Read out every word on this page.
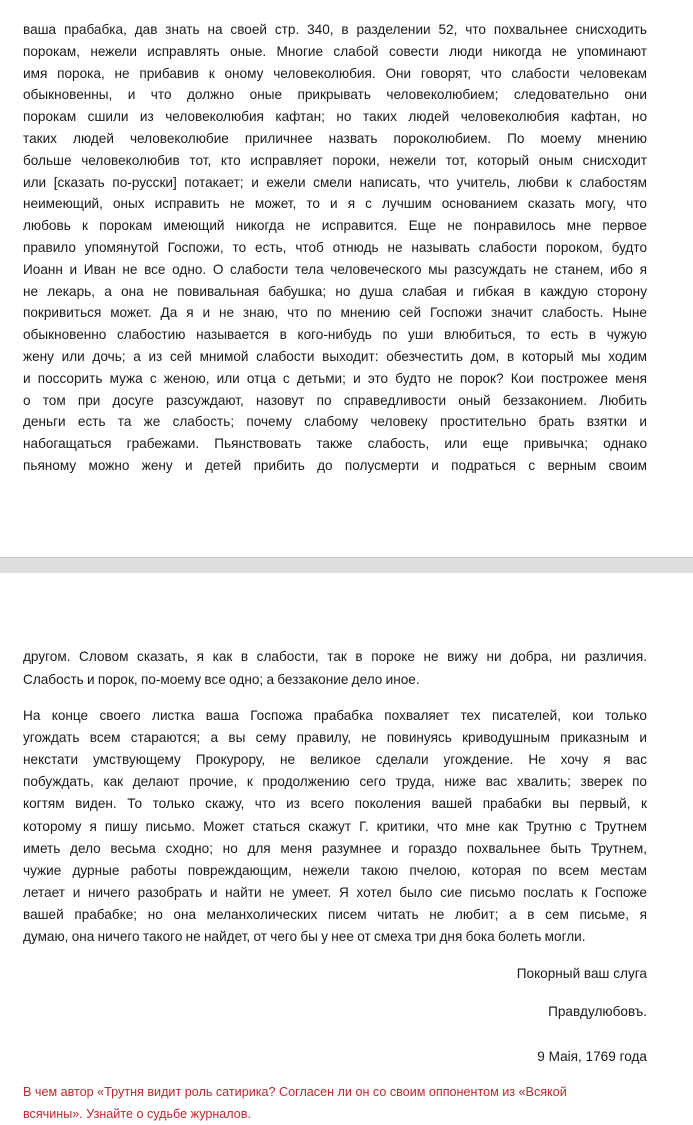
ваша прабабка, дав знать на своей стр. 340, в разделении 52, что похвальнее снисходить
порокам, нежели исправлять оные. Многие слабой совести люди никогда не упоминают
имя порока, не прибавив к оному человеколюбия. Они говорят, что слабости человекам
обыкновенны, и что должно оные прикрывать человеколюбием; следовательно они
порокам сшили из человеколюбия кафтан; но таких людей человеколюбия кафтан, но
таких людей человеколюбие приличнее назвать пороколюбием. По моему мнению
больше человеколюбив тот, кто исправляет пороки, нежели тот, который оным снисходит
или [сказать по-русски] потакает; и ежели смели написать, что учитель, любви к слабостям
неимеющий, оных исправить не может, то и я с лучшим основанием сказать могу, что
любовь к порокам имеющий никогда не исправится. Еще не понравилось мне первое
правило упомянутой Госпожи, то есть, чтоб отнюдь не называть слабости пороком, будто
Иоанн и Иван не все одно. О слабости тела человеческого мы разсуждать не станем, ибо я
не лекарь, а она не повивальная бабушка; но душа слабая и гибкая в каждую сторону
покривиться может. Да я и не знаю, что по мнению сей Госпожи значит слабость. Ныне
обыкновенно слабостию называется в кого-нибудь по уши влюбиться, то есть в чужую
жену или дочь; а из сей мнимой слабости выходит: обезчестить дом, в который мы ходим
и поссорить мужа с женою, или отца с детьми; и это будто не порок? Кои построжее меня
о том при досуге разсуждают, назовут по справедливости оный беззаконием. Любить
деньги есть та же слабость; почему слабому человеку простительно брать взятки и
набогащаться грабежами. Пьянствовать также слабость, или еще привычка; однако
пьяному можно жену и детей прибить до полусмерти и подраться с верным своим
Покорный ваш слуга
Правдулюбовъ.
9 Маія, 1769 года
В чем автор «Трутня видит роль сатирика? Согласен ли он со своим оппонентом из «Всякой
всячины». Узнайте о судьбе журналов.
другом. Словом сказать, я как в слабости, так в пороке не вижу ни добра, ни различия.
Слабость и порок, по-моему все одно; а беззаконие дело иное.
На конце своего листка ваша Госпожа прабабка похваляет тех писателей, кои только
угождать всем стараются; а вы сему правилу, не повинуясь криводушным приказным и
некстати умствующему Прокурору, не великое сделали угождение. Не хочу я вас
побуждать, как делают прочие, к продолжению сего труда, ниже вас хвалить; зверек по
когтям виден. То только скажу, что из всего поколения вашей прабабки вы первый, к
которому я пишу письмо. Может статься скажут Г. критики, что мне как Трутню с Трутнем
иметь дело весьма сходно; но для меня разумнее и гораздо похвальнее быть Трутнем,
чужие дурные работы повреждающим, нежели такою пчелою, которая по всем местам
летает и ничего разобрать и найти не умеет. Я хотел было сие письмо послать к Госпоже
вашей прабабке; но она меланхолических писем читать не любит; а в сем письме, я
думаю, она ничего такого не найдет, от чего бы у нее от смеха три дня бока болеть могли.
